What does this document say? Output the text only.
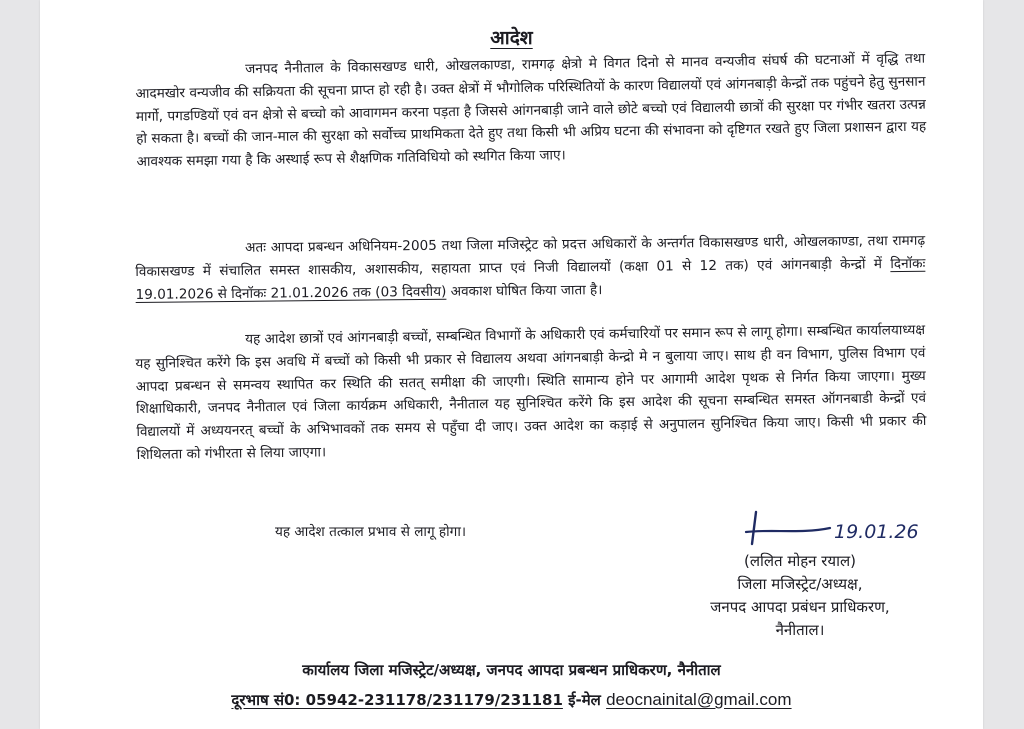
आदेश

जनपद नैनीताल के विकासखण्ड धारी, ओखलकाण्डा, रामगढ़ क्षेत्रो मे विगत दिनो से मानव वन्यजीव संघर्ष की घटनाओं में वृद्धि तथा आदमखोर वन्यजीव की सक्रियता की सूचना प्राप्त हो रही है। उक्त क्षेत्रों में भौगोलिक परिस्थितियों के कारण विद्यालयों एवं आंगनबाड़ी केन्द्रों तक पहुंचने हेतु सुनसान मार्गो, पगडण्डियों एवं वन क्षेत्रो से बच्चो को आवागमन करना पड़ता है जिससे आंगनबाड़ी जाने वाले छोटे बच्चो एवं विद्यालयी छात्रों की सुरक्षा पर गंभीर खतरा उत्पन्न हो सकता है। बच्चों की जान-माल की सुरक्षा को सर्वोच्च प्राथमिकता देते हुए तथा किसी भी अप्रिय घटना की संभावना को दृष्टिगत रखते हुए जिला प्रशासन द्वारा यह आवश्यक समझा गया है कि अस्थाई रूप से शैक्षणिक गतिविधियो को स्थगित किया जाए।

अतः आपदा प्रबन्धन अधिनियम-2005 तथा जिला मजिस्ट्रेट को प्रदत्त अधिकारों के अन्तर्गत विकासखण्ड धारी, ओखलकाण्डा, तथा रामगढ़ विकासखण्ड में संचालित समस्त शासकीय, अशासकीय, सहायता प्राप्त एवं निजी विद्यालयों (कक्षा 01 से 12 तक) एवं आंगनबाड़ी केन्द्रों में दिनॉकः 19.01.2026 से दिनॉकः 21.01.2026 तक (03 दिवसीय) अवकाश घोषित किया जाता है।

यह आदेश छात्रों एवं आंगनबाड़ी बच्चों, सम्बन्धित विभागों के अधिकारी एवं कर्मचारियों पर समान रूप से लागू होगा। सम्बन्धित कार्यालयाध्यक्ष यह सुनिश्चित करेंगे कि इस अवधि में बच्चों को किसी भी प्रकार से विद्यालय अथवा आंगनबाड़ी केन्द्रो मे न बुलाया जाए। साथ ही वन विभाग, पुलिस विभाग एवं आपदा प्रबन्धन से समन्वय स्थापित कर स्थिति की सतत् समीक्षा की जाएगी। स्थिति सामान्य होने पर आगामी आदेश पृथक से निर्गत किया जाएगा। मुख्य शिक्षाधिकारी, जनपद नैनीताल एवं जिला कार्यक्रम अधिकारी, नैनीताल यह सुनिश्चित करेंगे कि इस आदेश की सूचना सम्बन्धित समस्त ऑगनबाडी केन्द्रों एवं विद्यालयों में अध्ययनरत् बच्चों के अभिभावकों तक समय से पहुँचा दी जाए। उक्त आदेश का कड़ाई से अनुपालन सुनिश्चित किया जाए। किसी भी प्रकार की शिथिलता को गंभीरता से लिया जाएगा।

यह आदेश तत्काल प्रभाव से लागू होगा।	19.01.26
(ललित मोहन रयाल)
जिला मजिस्ट्रेट/अध्यक्ष,
जनपद आपदा प्रबंधन प्राधिकरण,
नैनीताल।
कार्यालय जिला मजिस्ट्रेट/अध्यक्ष, जनपद आपदा प्रबन्धन प्राधिकरण, नैनीताल
दूरभाष सं0: 05942-231178/231179/231181 ई-मेल deocnainital@gmail.com
